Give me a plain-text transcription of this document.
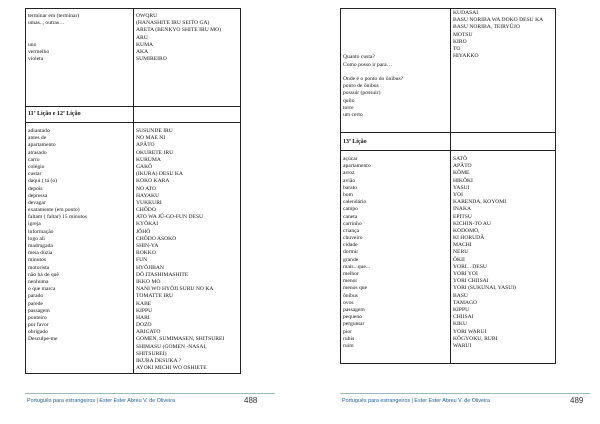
terminar em (terminar)
umas.., outras…
uno
vermelho
violeta
OWQRU
(HANASHITE IRU SEITO GA)
ARETA (BENKYO SHITE IRU MO)
ARU
KUMA
AKA
SUMIREIRO
11ª Lição e 12ª Lição
adiantado
antes de
apartamento
atrasado
carro
colégio
custar
daqui ( tá (o)
depois
depressa
devagar
exatamente (em ponto)
faltam ( faltar) 15 minutos
igreja
informação
logo ali
madrugada
meia dúzia
minutos
motorista
não há de quê
nenhuma
o que marca
parado
parede
passagem
ponteiro
por favor
obrigado
Desculpe-me
SUSUNDE IRU
NO MAE NI
APÂTO
OKURETE IRU
KURUMA
GAKÔ
(IKURA) DESU KA
KOKO KARA
NO ATO
HAYAKU
YUKKURI
CHÔDO
ATO WA JÛ-GO-FUN DESU
KYÔKAI
JÔHÔ
CHÔDO ASOKO
SHIN-YA
ROKKO
FUN
HYÔJIBAN
DÔ ITASHIMASHITE
IKKO MO
NANI WO HYÔJI SURU NO KA
TOMATTE IRU
KABE
KIPPU
HARI
DOZO
ARIGATO
GOMEN, SUMIMASEN, SHITSUREI
SHIMASU (GOMEN -NASAI,
SHITSUREI)
IKURA DESUKA ?
AYOKI MICHI WO OSHIETE
Português para estrangeiros | Ester Ester Abreu V. de Oliveira	488
Quanto custa?
Como posso ir para…
Onde é o ponto do ônibus?
ponto de ônibus
possuir (possuir)
quilo
torre
um certo
KUDASAI
BASU NORIBA WA DOKO DESU KA
BASU NORIBA, TEIRYÛJO
MOTSU
KIRO
TO
HIYAKKO
13ª Lição
açúcar
apartamento
arroz
avião
barato
bom
calendário
campo
caneta
carrinho
criança
chuveiro
cidade
dormir
grande
mais...que...
melhor
menor
menos que
ônibus
ovos
passagem
pequeno
perguntar
pior
rubis
ruim
SATÔ
APÂTO
KÔME
HIKÔKI
YASUI
YOI
KARENDA, KOYOMI
INAKA
EPITSU
KICHIN-TO AU
KODOMO,
KI HORUDÂ
MACHI
NERU
ÔKII
YORI... DESU
YORI YOI
YORI CHIISAI
YORI (SUKUNAI, YASUI)
BASU
TAMAGO
KIPPU
CHIISAI
KIKU
YORI WARUI
KÔGYOKU, RUBI
WARUI
Português para estrangeiros | Ester Ester Abreu V. de Oliveira	489
